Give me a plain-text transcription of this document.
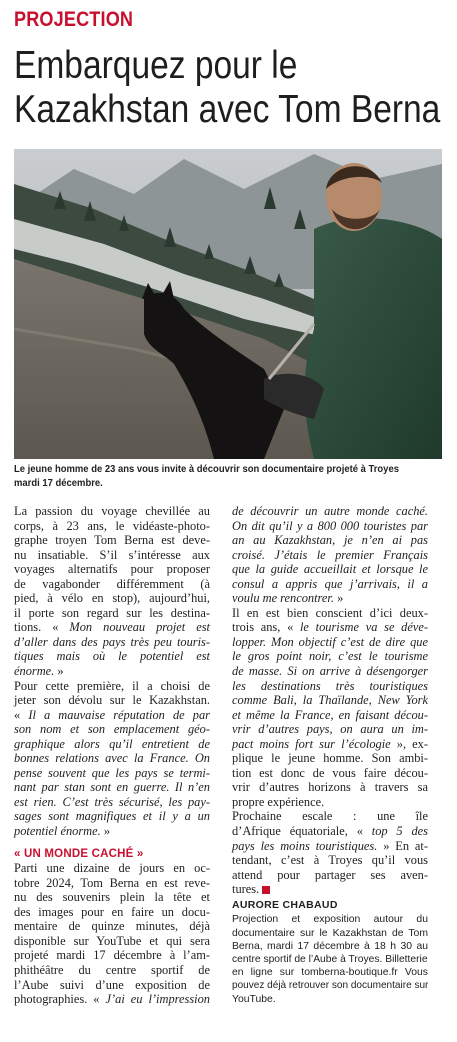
PROJECTION
Embarquez pour le
Kazakhstan avec Tom Berna
Le jeune homme de 23 ans vous invite à découvrir son documentaire projeté à Troyes
mardi 17 décembre.
La passion du voyage chevillée au
corps, à 23 ans, le vidéaste-photo-
graphe troyen Tom Berna est deve-
nu insatiable. S’il s’intéresse aux
voyages alternatifs pour proposer
de vagabonder différemment (à
pied, à vélo en stop), aujourd’hui,
il porte son regard sur les destina-
tions. « Mon nouveau projet est
d’aller dans des pays très peu touris-
tiques mais où le potentiel est
énorme. »
Pour cette première, il a choisi de
jeter son dévolu sur le Kazakhstan.
« Il a mauvaise réputation de par
son nom et son emplacement géo-
graphique alors qu’il entretient de
bonnes relations avec la France. On
pense souvent que les pays se termi-
nant par stan sont en guerre. Il n’en
est rien. C’est très sécurisé, les pay-
sages sont magnifiques et il y a un
potentiel énorme. »
« UN MONDE CACHÉ »
Parti une dizaine de jours en oc-
tobre 2024, Tom Berna en est reve-
nu des souvenirs plein la tête et
des images pour en faire un docu-
mentaire de quinze minutes, déjà
disponible sur YouTube et qui sera
projeté mardi 17 décembre à l’am-
phithéâtre du centre sportif de
l’Aube suivi d’une exposition de
photographies. « J’ai eu l’impression
de découvrir un autre monde caché.
On dit qu’il y a 800 000 touristes par
an au Kazakhstan, je n’en ai pas
croisé. J’étais le premier Français
que la guide accueillait et lorsque le
consul a appris que j’arrivais, il a
voulu me rencontrer. »
Il en est bien conscient d’ici deux-
trois ans, « le tourisme va se déve-
lopper. Mon objectif c’est de dire que
le gros point noir, c’est le tourisme
de masse. Si on arrive à désengorger
les destinations très touristiques
comme Bali, la Thaïlande, New York
et même la France, en faisant décou-
vrir d’autres pays, on aura un im-
pact moins fort sur l’écologie », ex-
plique le jeune homme. Son ambi-
tion est donc de vous faire décou-
vrir d’autres horizons à travers sa
propre expérience.
Prochaine escale : une île
d’Afrique équatoriale, « top 5 des
pays les moins touristiques. » En at-
tendant, c’est à Troyes qu’il vous
attend pour partager ses aven-
tures.
AURORE CHABAUD
Projection et exposition autour du
documentaire sur le Kazakhstan de Tom
Berna, mardi 17 décembre à 18 h 30 au
centre sportif de l’Aube à Troyes. Billetterie
en ligne sur tomberna-boutique.fr Vous
pouvez déjà retrouver son documentaire sur
YouTube.
